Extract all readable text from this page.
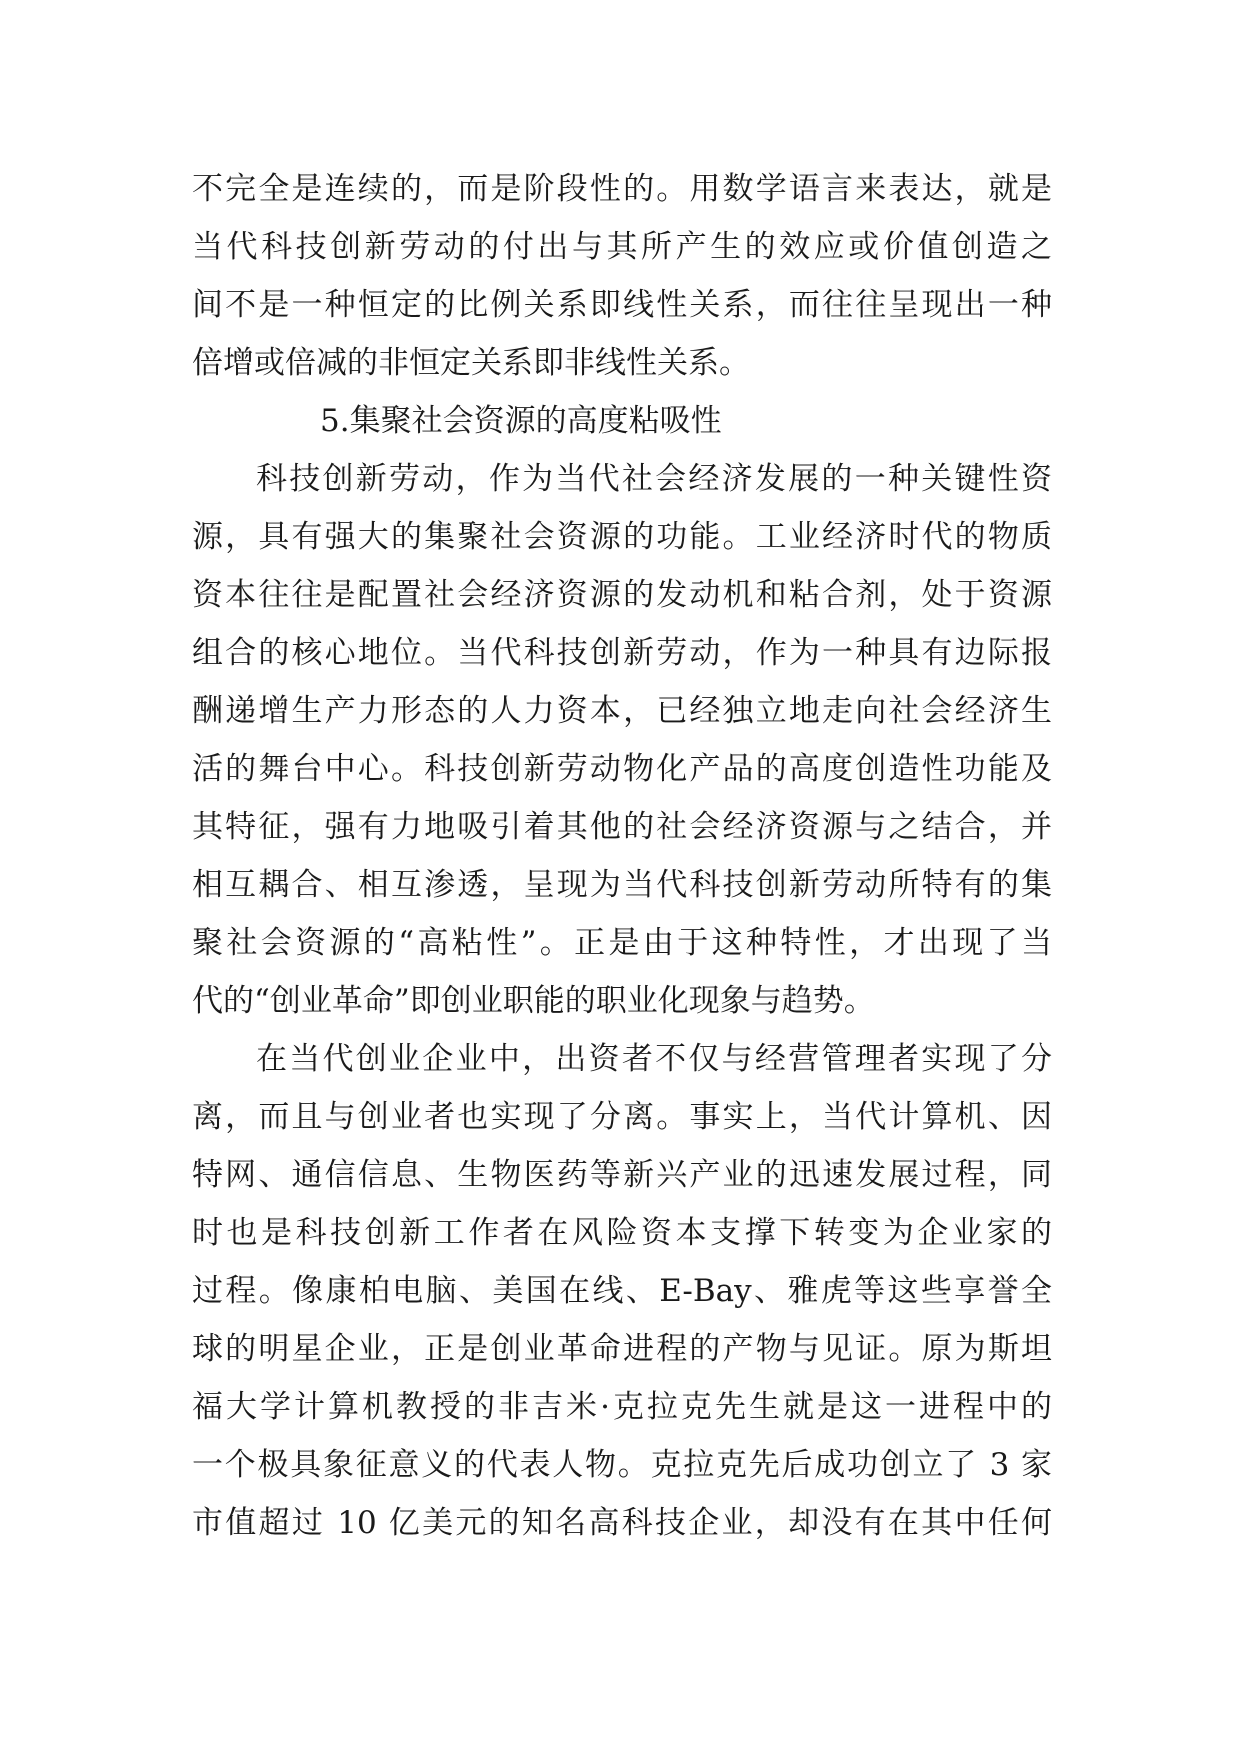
不完全是连续的，而是阶段性的。用数学语言来表达，就是
当代科技创新劳动的付出与其所产生的效应或价值创造之
间不是一种恒定的比例关系即线性关系，而往往呈现出一种
倍增或倍减的非恒定关系即非线性关系。
5.集聚社会资源的高度粘吸性
科技创新劳动，作为当代社会经济发展的一种关键性资
源，具有强大的集聚社会资源的功能。工业经济时代的物质
资本往往是配置社会经济资源的发动机和粘合剂，处于资源
组合的核心地位。当代科技创新劳动，作为一种具有边际报
酬递增生产力形态的人力资本，已经独立地走向社会经济生
活的舞台中心。科技创新劳动物化产品的高度创造性功能及
其特征，强有力地吸引着其他的社会经济资源与之结合，并
相互耦合、相互渗透，呈现为当代科技创新劳动所特有的集
聚社会资源的“高粘性”。正是由于这种特性，才出现了当
代的“创业革命”即创业职能的职业化现象与趋势。
在当代创业企业中，出资者不仅与经营管理者实现了分
离，而且与创业者也实现了分离。事实上，当代计算机、因
特网、通信信息、生物医药等新兴产业的迅速发展过程，同
时也是科技创新工作者在风险资本支撑下转变为企业家的
过程。像康柏电脑、美国在线、E-Bay、雅虎等这些享誉全
球的明星企业，正是创业革命进程的产物与见证。原为斯坦
福大学计算机教授的非吉米·克拉克先生就是这一进程中的
一个极具象征意义的代表人物。克拉克先后成功创立了 3 家
市值超过 10 亿美元的知名高科技企业，却没有在其中任何
